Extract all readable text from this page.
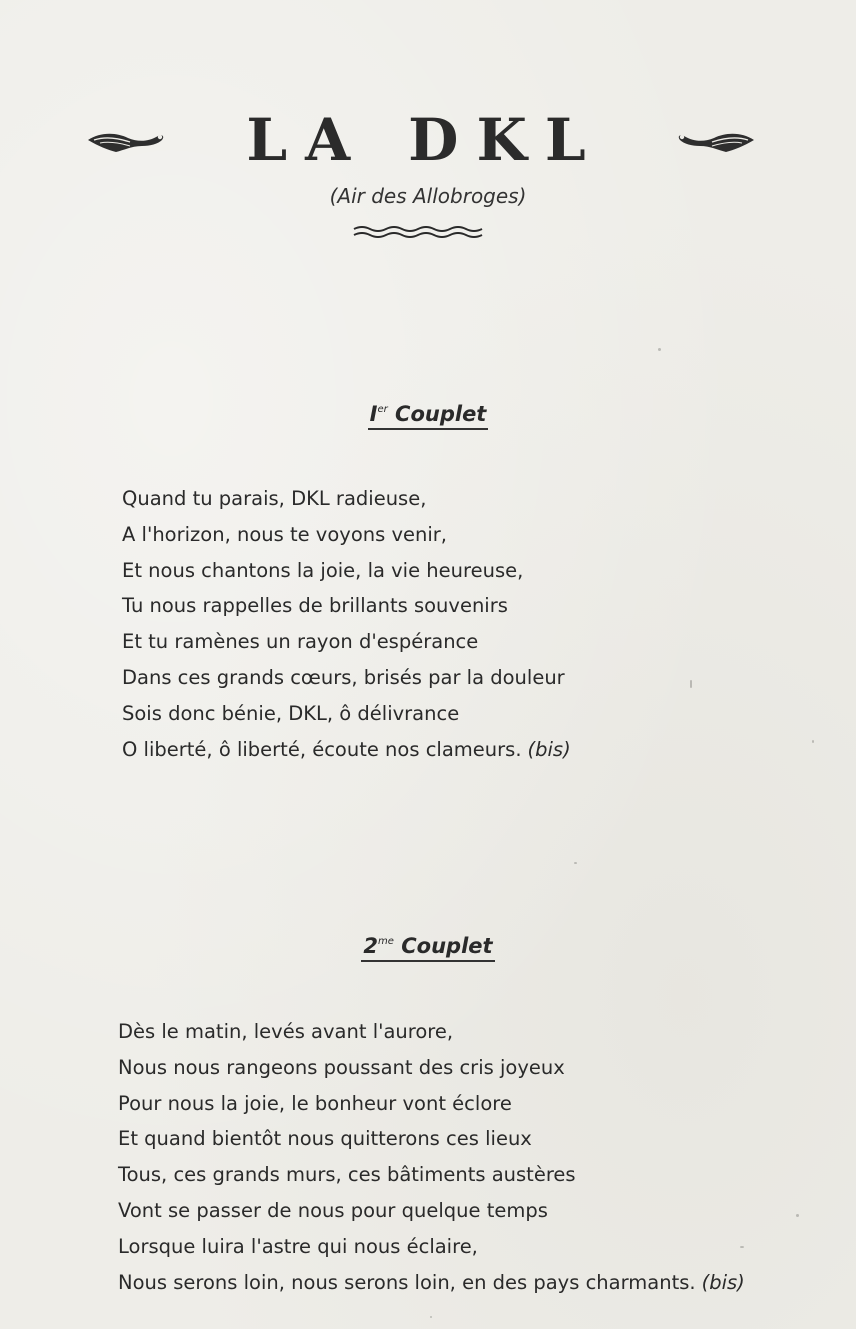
LA DKL
(Air des Allobroges)
Ier Couplet
Quand tu parais, DKL radieuse,
A l'horizon, nous te voyons venir,
Et nous chantons la joie, la vie heureuse,
Tu nous rappelles de brillants souvenirs
Et tu ramènes un rayon d'espérance
Dans ces grands cœurs, brisés par la douleur
Sois donc bénie, DKL, ô délivrance
O liberté, ô liberté, écoute nos clameurs. (bis)
$2^{me}$ Couplet
Dès le matin, levés avant l'aurore,
Nous nous rangeons poussant des cris joyeux
Pour nous la joie, le bonheur vont éclore
Et quand bientôt nous quitterons ces lieux
Tous, ces grands murs, ces bâtiments austères
Vont se passer de nous pour quelque temps
Lorsque luira l'astre qui nous éclaire,
Nous serons loin, nous serons loin, en des pays charmants. (bis)
